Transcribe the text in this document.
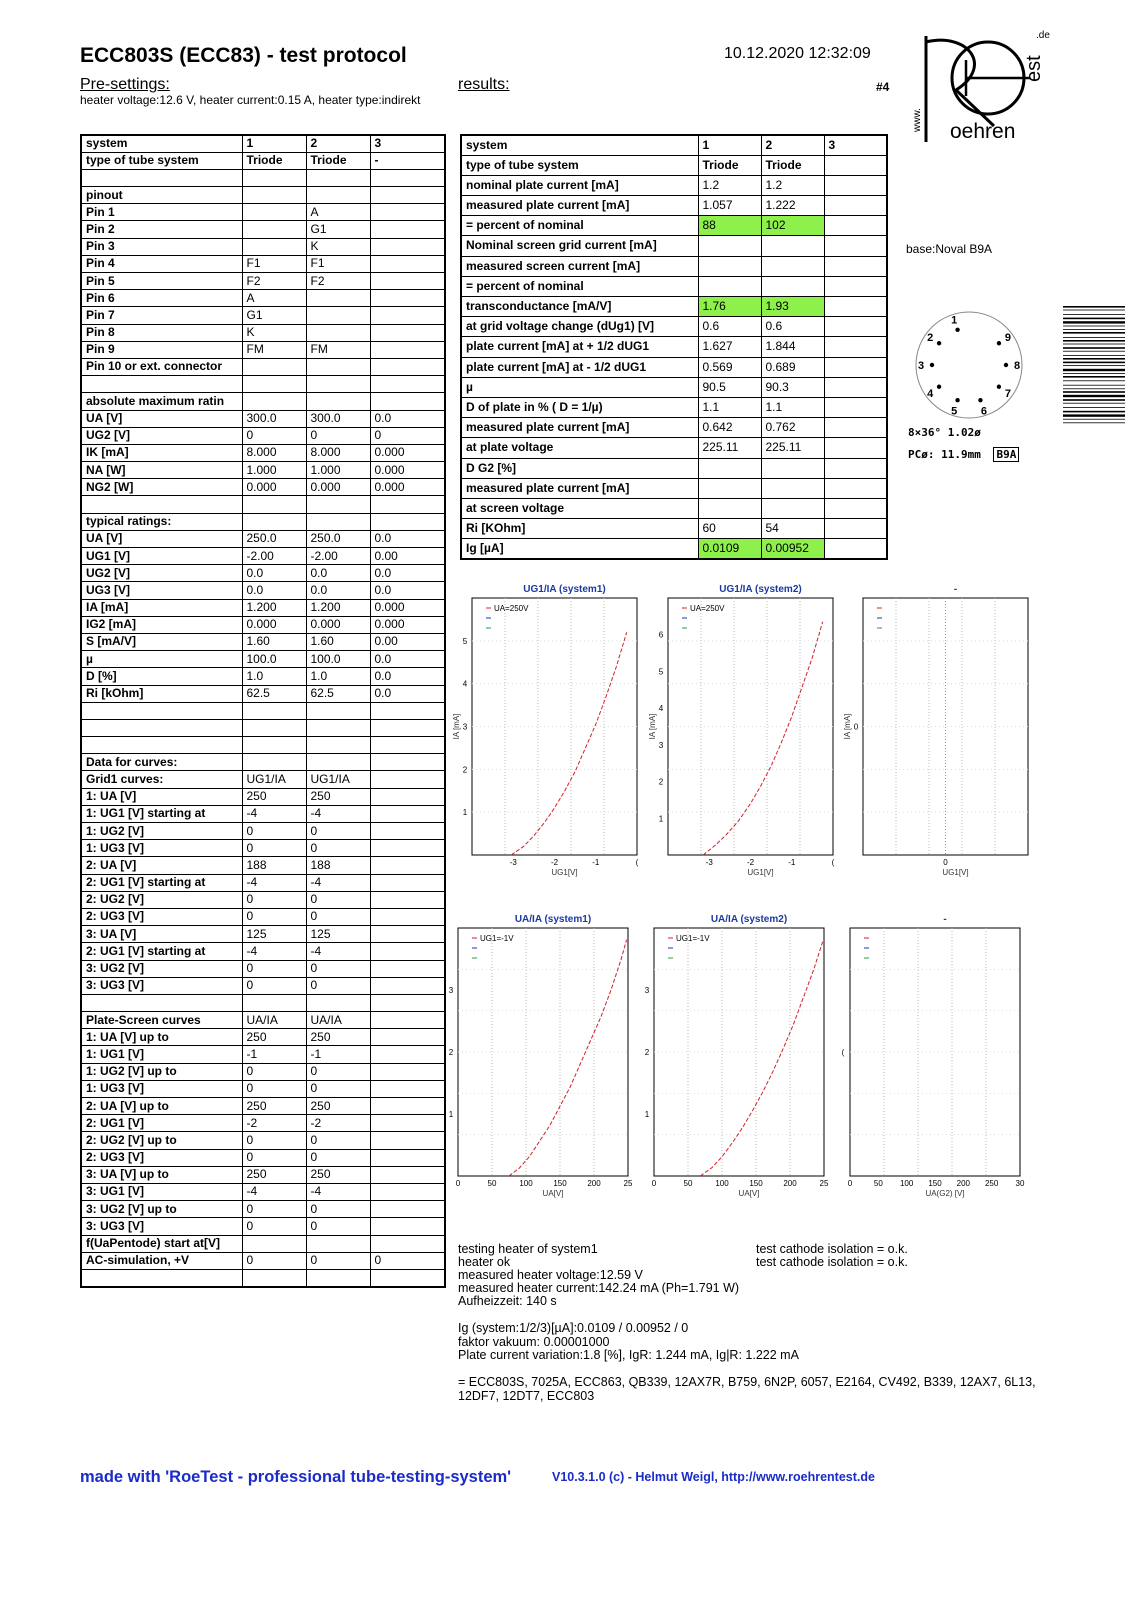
ECC803S (ECC83) - test protocol	10.12.2020 12:32:09
Pre-settings:	results:
heater voltage:12.6 V, heater current:0.15 A, heater type:indirekt
#4
.de
est
www. oehren
base:Noval B9A
1
2
3
4
5 6
7
8
9
8×36° 1.02ø
PCø: 11.9mm B9A
system	1	2	3
type of tube system	Triode	Triode	-

pinout			
Pin 1		A	
Pin 2		G1	
Pin 3		K	
Pin 4	F1	F1	
Pin 5	F2	F2	
Pin 6	A		
Pin 7	G1		
Pin 8	K		
Pin 9	FM	FM	
Pin 10 or ext. connector			

absolute maximum ratin			
UA [V]	300.0	300.0	0.0
UG2 [V]	0	0	0
IK [mA]	8.000	8.000	0.000
NA [W]	1.000	1.000	0.000
NG2 [W]	0.000	0.000	0.000

typical ratings:			
UA [V]	250.0	250.0	0.0
UG1 [V]	-2.00	-2.00	0.00
UG2 [V]	0.0	0.0	0.0
UG3 [V]	0.0	0.0	0.0
IA [mA]	1.200	1.200	0.000
IG2 [mA]	0.000	0.000	0.000
S [mA/V]	1.60	1.60	0.00
µ	100.0	100.0	0.0
D [%]	1.0	1.0	0.0
Ri [kOhm]	62.5	62.5	0.0

Data for curves:			
Grid1 curves:	UG1/IA	UG1/IA	
1: UA [V]	250	250	
1: UG1 [V] starting at	-4	-4	
1: UG2 [V]	0	0	
1: UG3 [V]	0	0	
2: UA [V]	188	188	
2: UG1 [V] starting at	-4	-4	
2: UG2 [V]	0	0	
2: UG3 [V]	0	0	
3: UA [V]	125	125	
2: UG1 [V] starting at	-4	-4	
3: UG2 [V]	0	0	
3: UG3 [V]	0	0	

Plate-Screen curves	UA/IA	UA/IA	
1: UA [V] up to	250	250	
1: UG1 [V]	-1	-1	
1: UG2 [V] up to	0	0	
1: UG3 [V]	0	0	
2: UA [V] up to	250	250	
2: UG1 [V]	-2	-2	
2: UG2 [V] up to	0	0	
2: UG3 [V]	0	0	
3: UA [V] up to	250	250	
3: UG1 [V]	-4	-4	
3: UG2 [V] up to	0	0	
3: UG3 [V]	0	0	
f(UaPentode) start at[V]			
AC-simulation, +V	0	0	0

system	1	2	3
type of tube system	Triode	Triode	
nominal plate current [mA]	1.2	1.2	
measured plate current [mA]	1.057	1.222	
= percent of nominal	88	102	
Nominal screen grid current [mA]			
measured screen current [mA]			
= percent of nominal			
transconductance [mA/V]	1.76	1.93	
at grid voltage change (dUg1) [V]	0.6	0.6	
plate current [mA] at + 1/2 dUG1	1.627	1.844	
plate current [mA] at - 1/2 dUG1	0.569	0.689	
µ	90.5	90.3	
D of plate in % ( D = 1/µ)	1.1	1.1	
measured plate current [mA]	0.642	0.762	
at plate voltage	225.11	225.11	
D G2 [%]			
measured plate current [mA]			
at screen voltage			
Ri [KOhm]	60	54	
Ig [µA]	0.0109	0.00952	
UG1/IA (system1)
-3	-2	-1	(
1
2
3
4
5
UG1[V]
IA [mA]
UA=250V
UG1/IA (system2)
-3	-2	-1	(
1
2
3
4
5
6
UG1[V]
IA [mA]
UA=250V
-
0
0
UG1[V]
IA [mA]
UA/IA (system1)
0	50	100	150	200	25
1
2
3
UA[V]
UG1=-1V
UA/IA (system2)
0	50	100	150	200	25
1
2
3
UA[V]
UG1=-1V
-
0	50 100 150 200 250 30
(
UA(G2) [V]
testing heater of system1
heater ok
measured heater voltage:12.59 V
measured heater current:142.24 mA (Ph=1.791 W)
Aufheizzeit: 140 s
test cathode isolation = o.k.
test cathode isolation = o.k.
Ig (system:1/2/3)[µA]:0.0109 / 0.00952 / 0
faktor vakuum: 0.00001000
Plate current variation:1.8 [%], IgR: 1.244 mA, Ig|R: 1.222 mA
= ECC803S, 7025A, ECC863, QB339, 12AX7R, B759, 6N2P, 6057, E2164, CV492, B339, 12AX7, 6L13, 12DF7, 12DT7, ECC803
made with 'RoeTest - professional tube-testing-system'	V10.3.1.0 (c) - Helmut Weigl, http://www.roehrentest.de
